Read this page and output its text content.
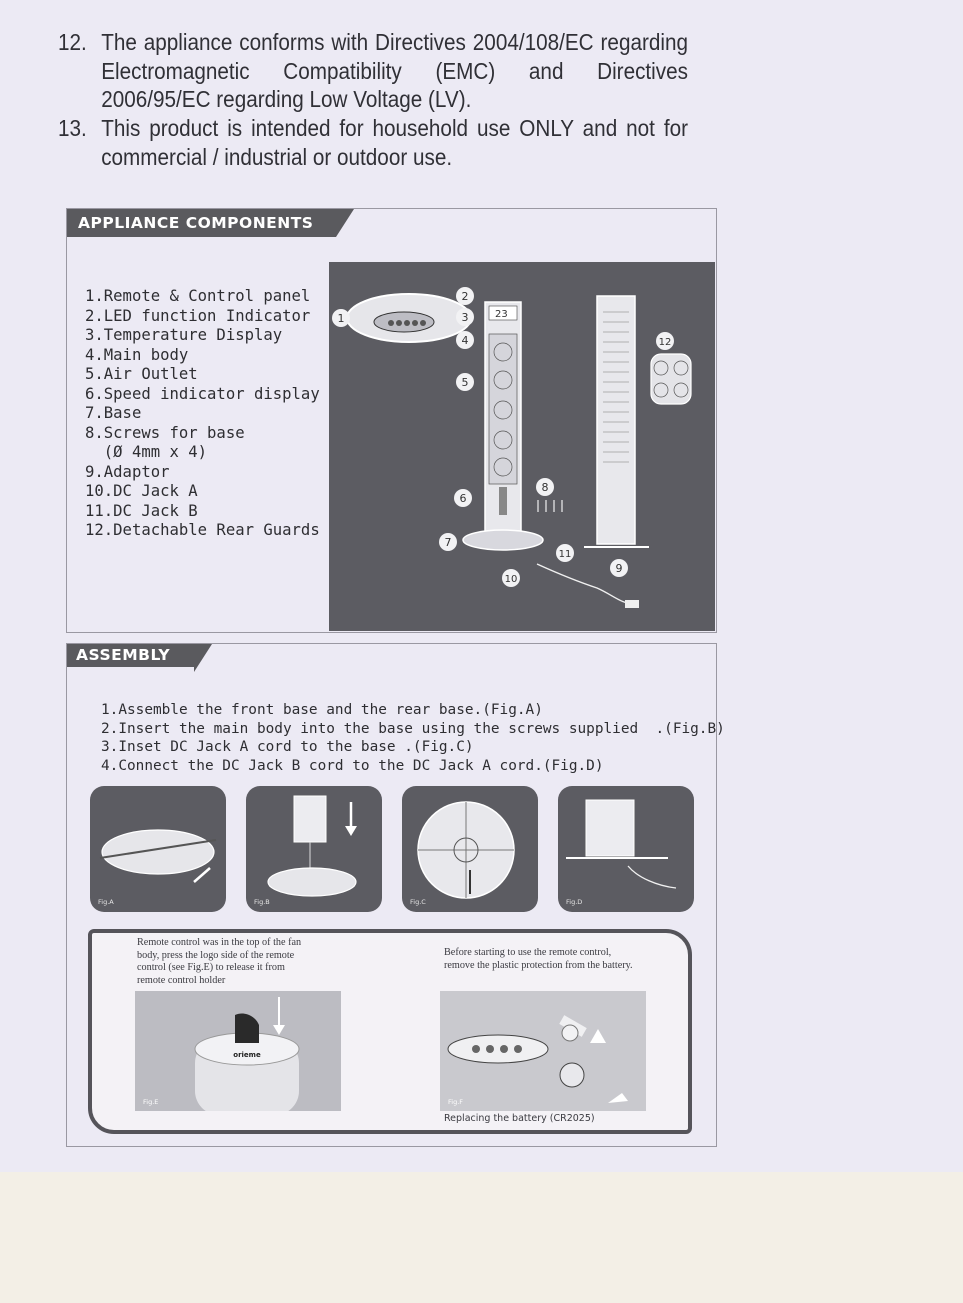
12. The appliance conforms with Directives 2004/108/EC regarding Electromagnetic Compatibility (EMC) and Directives 2006/95/EC regarding Low Voltage (LV).
13. This product is intended for household use ONLY and not for commercial / industrial or outdoor use.
APPLIANCE COMPONENTS
1.Remote & Control panel
2.LED function Indicator
3.Temperature Display
4.Main body
5.Air Outlet
6.Speed indicator display
7.Base
8.Screws for base
(Ø 4mm x 4)
9.Adaptor
10.DC Jack A
11.DC Jack B
12.Detachable Rear Guards
23
1
2
3
4
5
6
7
8
9
10
11
12
ASSEMBLY
1.Assemble the front base and the rear base.(Fig.A)
2.Insert the main body into the base using the screws supplied  .(Fig.B)
3.Inset DC Jack A cord to the base .(Fig.C)
4.Connect the DC Jack B cord to the DC Jack A cord.(Fig.D)
Fig.A	Fig.B	Fig.C	Fig.D
Remote control was in the top of the fan
body, press the logo side of the remote
control (see Fig.E) to release it from
remote control holder
Before starting to use the remote control,
remove the plastic protection from the battery.
orieme
Fig.E	Fig.F
Replacing the battery (CR2025)
